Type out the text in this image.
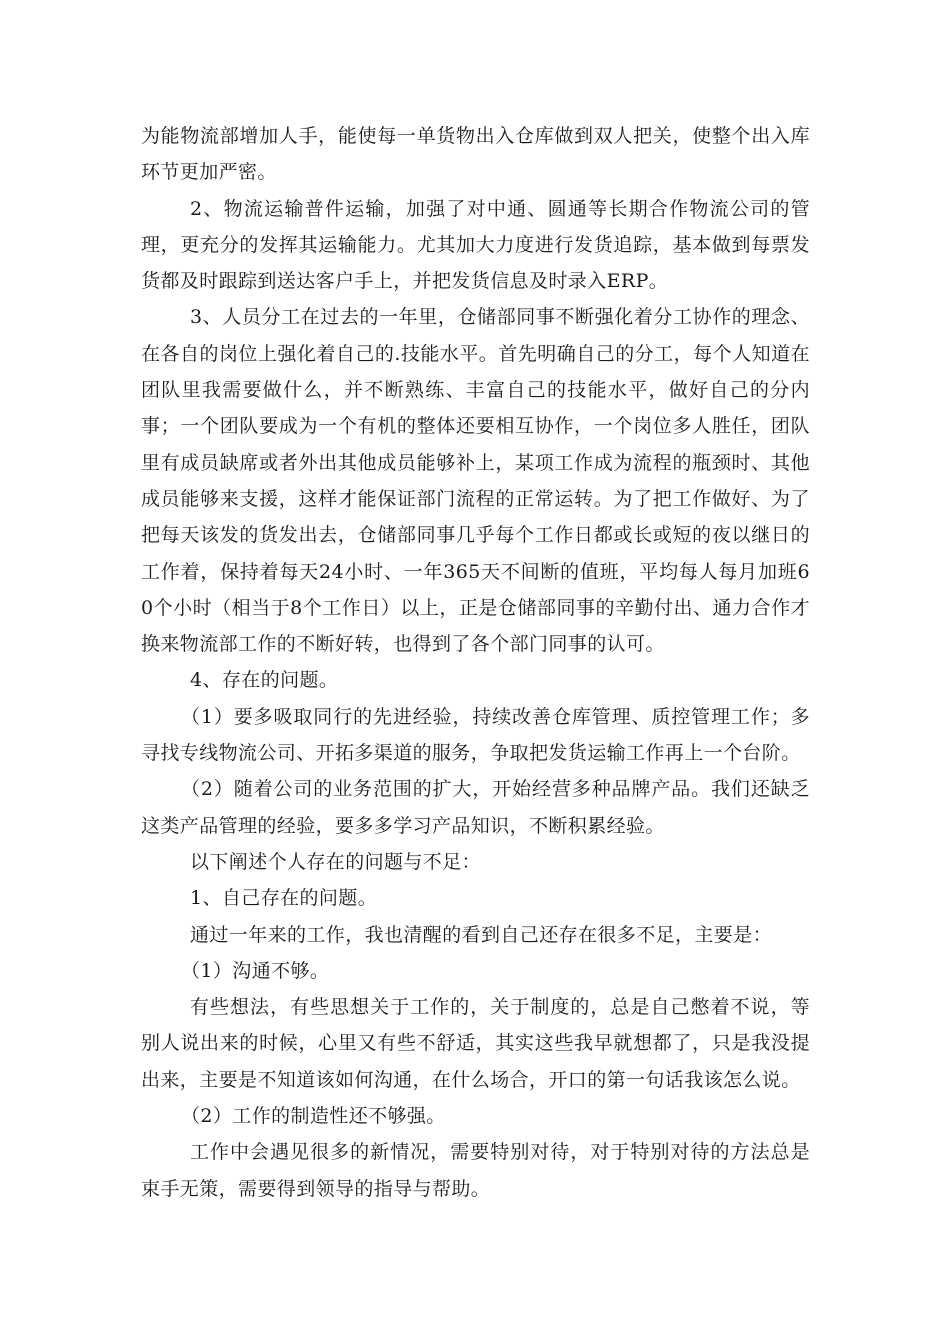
为能物流部增加人手，能使每一单货物出入仓库做到双人把关，使整个出入库环节更加严密。

2、物流运输普件运输，加强了对中通、圆通等长期合作物流公司的管理，更充分的发挥其运输能力。尤其加大力度进行发货追踪，基本做到每票发货都及时跟踪到送达客户手上，并把发货信息及时录入ERP。

3、人员分工在过去的一年里，仓储部同事不断强化着分工协作的理念、在各自的岗位上强化着自己的.技能水平。首先明确自己的分工，每个人知道在团队里我需要做什么，并不断熟练、丰富自己的技能水平，做好自己的分内事；一个团队要成为一个有机的整体还要相互协作，一个岗位多人胜任，团队里有成员缺席或者外出其他成员能够补上，某项工作成为流程的瓶颈时、其他成员能够来支援，这样才能保证部门流程的正常运转。为了把工作做好、为了把每天该发的货发出去，仓储部同事几乎每个工作日都或长或短的夜以继日的工作着，保持着每天24小时、一年365天不间断的值班，平均每人每月加班60个小时（相当于8个工作日）以上，正是仓储部同事的辛勤付出、通力合作才换来物流部工作的不断好转，也得到了各个部门同事的认可。

4、存在的问题。

（1）要多吸取同行的先进经验，持续改善仓库管理、质控管理工作；多寻找专线物流公司、开拓多渠道的服务，争取把发货运输工作再上一个台阶。

（2）随着公司的业务范围的扩大，开始经营多种品牌产品。我们还缺乏这类产品管理的经验，要多多学习产品知识，不断积累经验。

以下阐述个人存在的问题与不足：

1、自己存在的问题。

通过一年来的工作，我也清醒的看到自己还存在很多不足，主要是：

（1）沟通不够。

有些想法，有些思想关于工作的，关于制度的，总是自己憋着不说，等别人说出来的时候，心里又有些不舒适，其实这些我早就想都了，只是我没提出来，主要是不知道该如何沟通，在什么场合，开口的第一句话我该怎么说。

（2）工作的制造性还不够强。

工作中会遇见很多的新情况，需要特别对待，对于特别对待的方法总是束手无策，需要得到领导的指导与帮助。
